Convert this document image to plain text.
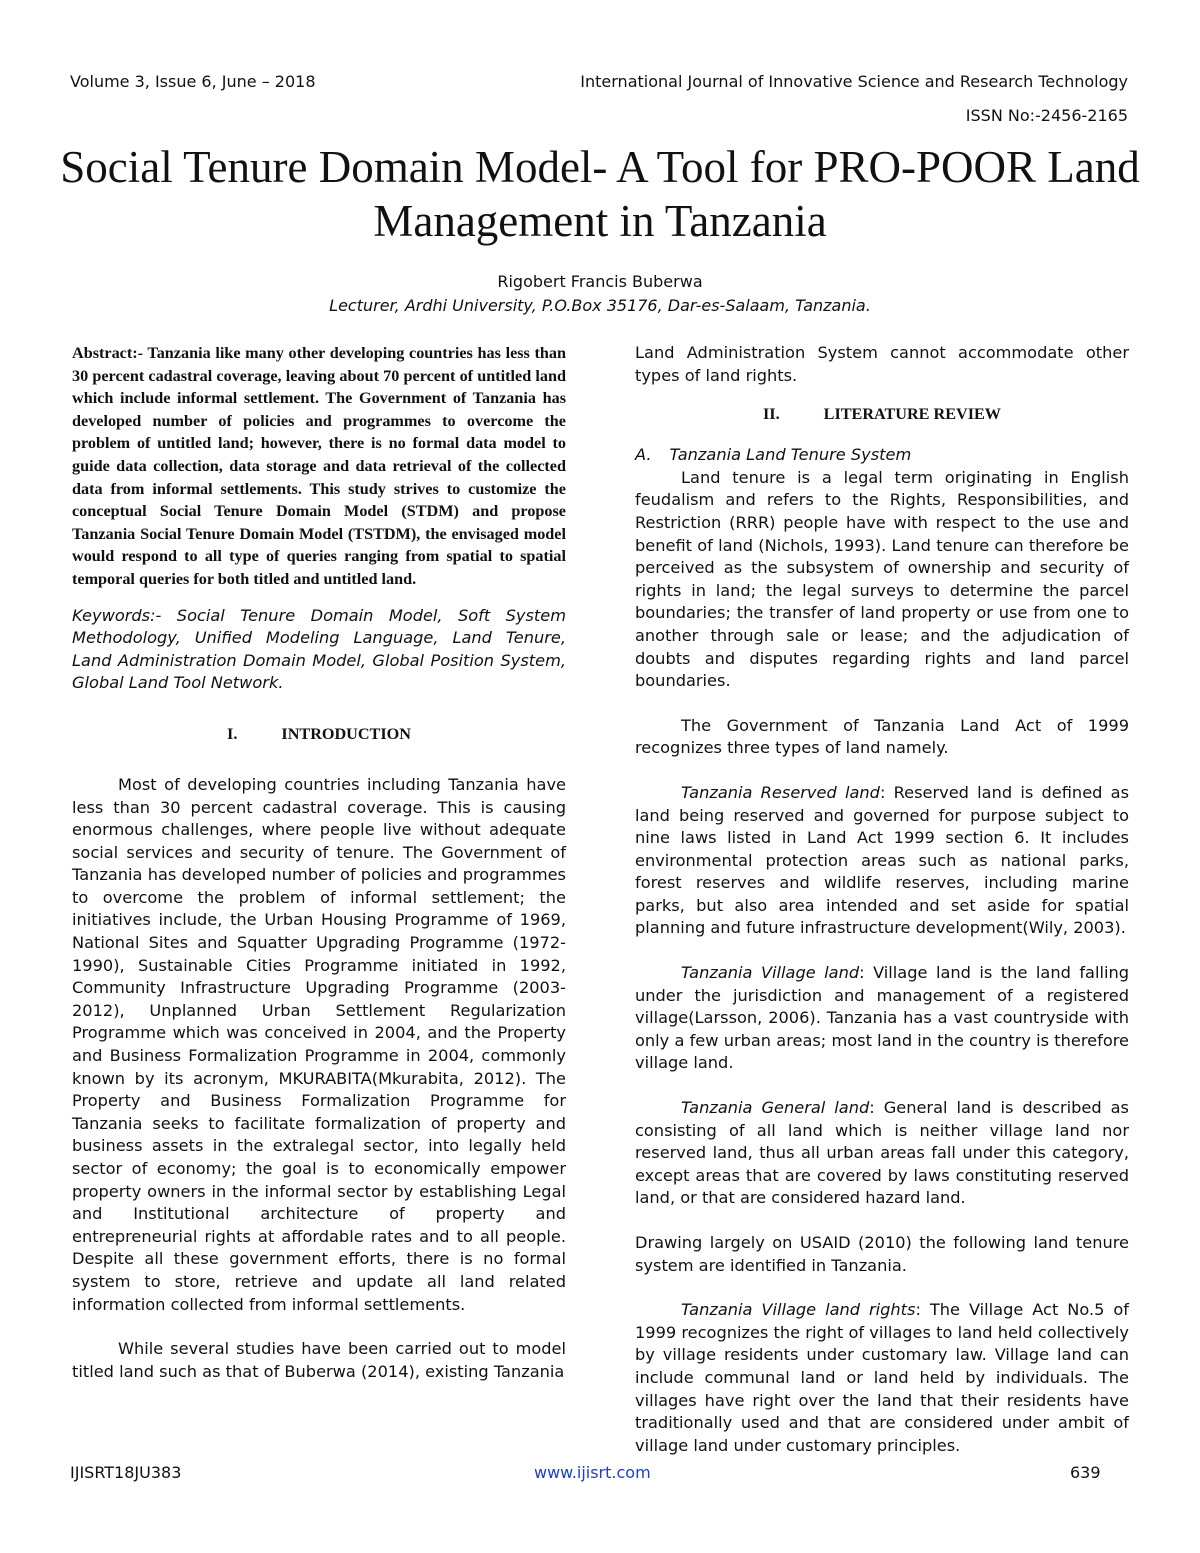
Volume 3, Issue 6, June – 2018	International Journal of Innovative Science and Research Technology
ISSN No:-2456-2165
Social Tenure Domain Model- A Tool for PRO-POOR Land Management in Tanzania
Rigobert Francis Buberwa
Lecturer, Ardhi University, P.O.Box 35176, Dar-es-Salaam, Tanzania.

Abstract:- Tanzania like many other developing countries has less than 30 percent cadastral coverage, leaving about 70 percent of untitled land which include informal settlement. The Government of Tanzania has developed number of policies and programmes to overcome the problem of untitled land; however, there is no formal data model to guide data collection, data storage and data retrieval of the collected data from informal settlements. This study strives to customize the conceptual Social Tenure Domain Model (STDM) and propose Tanzania Social Tenure Domain Model (TSTDM), the envisaged model would respond to all type of queries ranging from spatial to spatial temporal queries for both titled and untitled land.

Keywords:- Social Tenure Domain Model, Soft System Methodology, Unified Modeling Language, Land Tenure, Land Administration Domain Model, Global Position System, Global Land Tool Network.

I.	INTRODUCTION

Most of developing countries including Tanzania have less than 30 percent cadastral coverage. This is causing enormous challenges, where people live without adequate social services and security of tenure. The Government of Tanzania has developed number of policies and programmes to overcome the problem of informal settlement; the initiatives include, the Urban Housing Programme of 1969, National Sites and Squatter Upgrading Programme (1972- 1990), Sustainable Cities Programme initiated in 1992, Community Infrastructure Upgrading Programme (2003-2012), Unplanned Urban Settlement Regularization Programme which was conceived in 2004, and the Property and Business Formalization Programme in 2004, commonly known by its acronym, MKURABITA(Mkurabita, 2012). The Property and Business Formalization Programme for Tanzania seeks to facilitate formalization of property and business assets in the extralegal sector, into legally held sector of economy; the goal is to economically empower property owners in the informal sector by establishing Legal and Institutional architecture of property and entrepreneurial rights at affordable rates and to all people. Despite all these government efforts, there is no formal system to store, retrieve and update all land related information collected from informal settlements.

While several studies have been carried out to model titled land such as that of Buberwa (2014), existing Tanzania

Land Administration System cannot accommodate other types of land rights.

II.	LITERATURE REVIEW
A. Tanzania Land Tenure System

Land tenure is a legal term originating in English feudalism and refers to the Rights, Responsibilities, and Restriction (RRR) people have with respect to the use and benefit of land (Nichols, 1993). Land tenure can therefore be perceived as the subsystem of ownership and security of rights in land; the legal surveys to determine the parcel boundaries; the transfer of land property or use from one to another through sale or lease; and the adjudication of doubts and disputes regarding rights and land parcel boundaries.

The Government of Tanzania Land Act of 1999 recognizes three types of land namely.

Tanzania Reserved land: Reserved land is defined as land being reserved and governed for purpose subject to nine laws listed in Land Act 1999 section 6. It includes environmental protection areas such as national parks, forest reserves and wildlife reserves, including marine parks, but also area intended and set aside for spatial planning and future infrastructure development(Wily, 2003).

Tanzania Village land: Village land is the land falling under the jurisdiction and management of a registered village(Larsson, 2006). Tanzania has a vast countryside with only a few urban areas; most land in the country is therefore village land.

Tanzania General land: General land is described as consisting of all land which is neither village land nor reserved land, thus all urban areas fall under this category, except areas that are covered by laws constituting reserved land, or that are considered hazard land.

Drawing largely on USAID (2010) the following land tenure system are identified in Tanzania.

Tanzania Village land rights: The Village Act No.5 of 1999 recognizes the right of villages to land held collectively by village residents under customary law. Village land can include communal land or land held by individuals. The villages have right over the land that their residents have traditionally used and that are considered under ambit of village land under customary principles.

IJISRT18JU383	www.ijisrt.com	639
